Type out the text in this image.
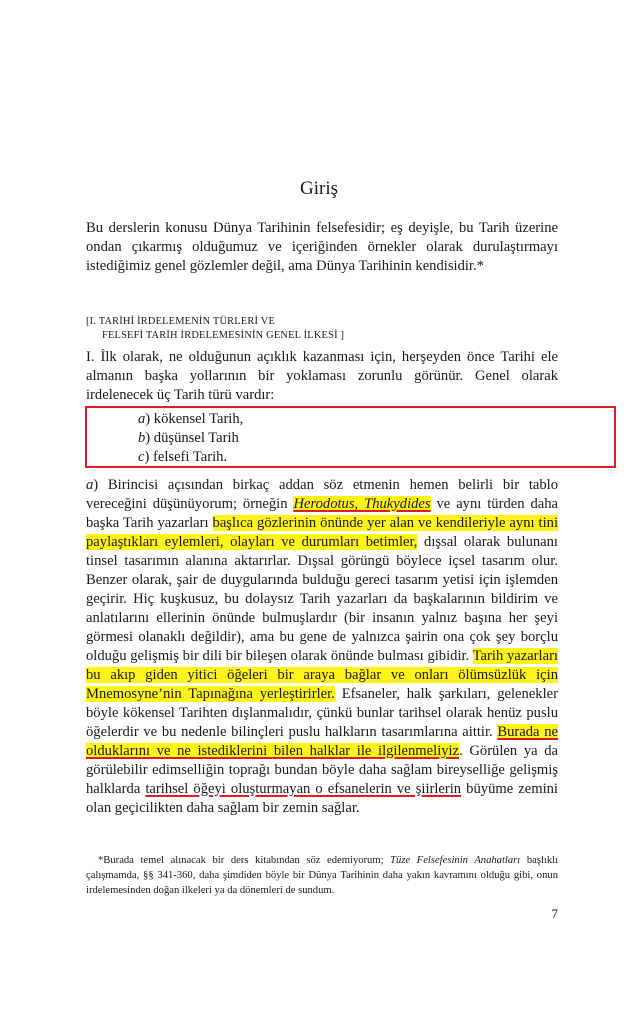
Giriş

Bu derslerin konusu Dünya Tarihinin felsefesidir; eş deyişle, bu Tarih üzerine ondan çıkarmış olduğumuz ve içeriğinden örnekler olarak durulaştırmayı istediğimiz genel gözlemler değil, ama Dünya Tarihinin kendisidir.*

[I. TARİHİ İRDELEMENİN TÜRLERİ VE
FELSEFİ TARİH İRDELEMESİNİN GENEL İLKESİ ]

I. İlk olarak, ne olduğunun açıklık kazanması için, herşeyden önce Tarihi ele almanın başka yollarının bir yoklaması zorunlu görünür. Genel olarak irdelenecek üç Tarih türü vardır:

a) kökensel Tarih,
b) düşünsel Tarih
c) felsefi Tarih.

a) Birincisi açısından birkaç addan söz etmenin hemen belirli bir tablo vereceğini düşünüyorum; örneğin Herodotus, Thukydides ve aynı türden daha başka Tarih yazarları başlıca gözlerinin önünde yer alan ve kendileriyle aynı tini paylaştıkları eylemleri, olayları ve durumları betimler, dışsal olarak bulunanı tinsel tasarımın alanına aktarırlar. Dışsal görüngü böylece içsel tasarım olur. Benzer olarak, şair de duygularında bulduğu gereci tasarım yetisi için işlemden geçirir. Hiç kuşkusuz, bu dolaysız Tarih yazarları da başkalarının bildirim ve anlatılarını ellerinin önünde bulmuşlardır (bir insanın yalnız başına her şeyi görmesi olanaklı değildir), ama bu gene de yalnızca şairin ona çok şey borçlu olduğu gelişmiş bir dili bir bileşen olarak önünde bulması gibidir. Tarih yazarları bu akıp giden yitici öğeleri bir araya bağlar ve onları ölümsüzlük için Mnemosyne’nin Tapınağına yerleştirirler. Efsaneler, halk şarkıları, gelenekler böyle kökensel Tarihten dışlanmalıdır, çünkü bunlar tarihsel olarak henüz puslu öğelerdir ve bu nedenle bilinçleri puslu halkların tasarımlarına aittir. Burada ne olduklarını ve ne istediklerini bilen halklar ile ilgilenmeliyiz. Görülen ya da görülebilir edimselliğin toprağı bundan böyle daha sağlam bireyselliğe gelişmiş halklarda tarihsel öğeyi oluşturmayan o efsanelerin ve şiirlerin büyüme zemini olan geçicilikten daha sağlam bir zemin sağlar.

*Burada temel alınacak bir ders kitabından söz edemiyorum; Tüze Felsefesinin Anahatları başlıklı çalışmamda, §§ 341-360, daha şimdiden böyle bir Dünya Tarihinin daha yakın kavramını olduğu gibi, onun irdelemesinden doğan ilkeleri ya da dönemleri de sundum.

7
